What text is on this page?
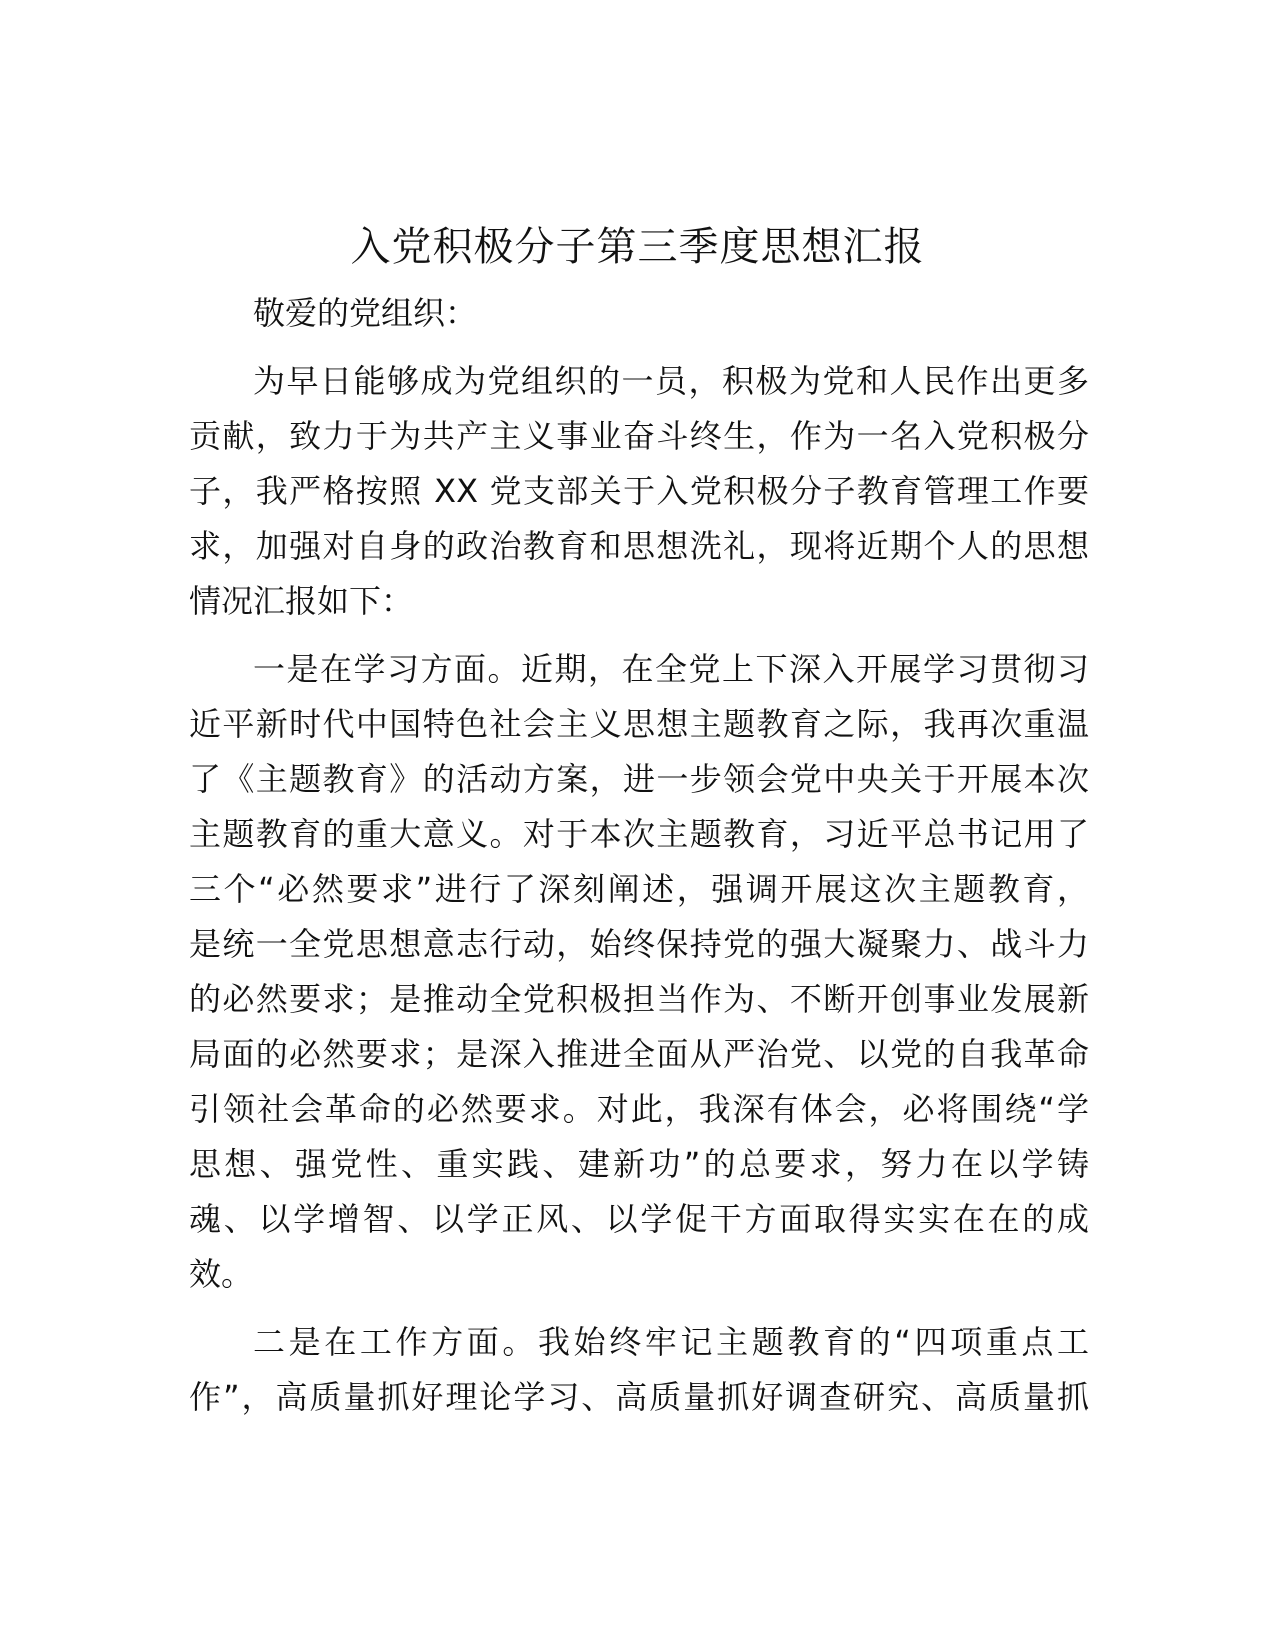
入党积极分子第三季度思想汇报
敬爱的党组织：
为早日能够成为党组织的一员，积极为党和人民作出更多
贡献，致力于为共产主义事业奋斗终生，作为一名入党积极分
子，我严格按照 XX 党支部关于入党积极分子教育管理工作要
求，加强对自身的政治教育和思想洗礼，现将近期个人的思想
情况汇报如下：
一是在学习方面。近期，在全党上下深入开展学习贯彻习
近平新时代中国特色社会主义思想主题教育之际，我再次重温
了《主题教育》的活动方案，进一步领会党中央关于开展本次
主题教育的重大意义。对于本次主题教育，习近平总书记用了
三个“必然要求”进行了深刻阐述，强调开展这次主题教育，
是统一全党思想意志行动，始终保持党的强大凝聚力、战斗力
的必然要求；是推动全党积极担当作为、不断开创事业发展新
局面的必然要求；是深入推进全面从严治党、以党的自我革命
引领社会革命的必然要求。对此，我深有体会，必将围绕“学
思想、强党性、重实践、建新功”的总要求，努力在以学铸
魂、以学增智、以学正风、以学促干方面取得实实在在的成
效。
二是在工作方面。我始终牢记主题教育的“四项重点工
作”，高质量抓好理论学习、高质量抓好调查研究、高质量抓
